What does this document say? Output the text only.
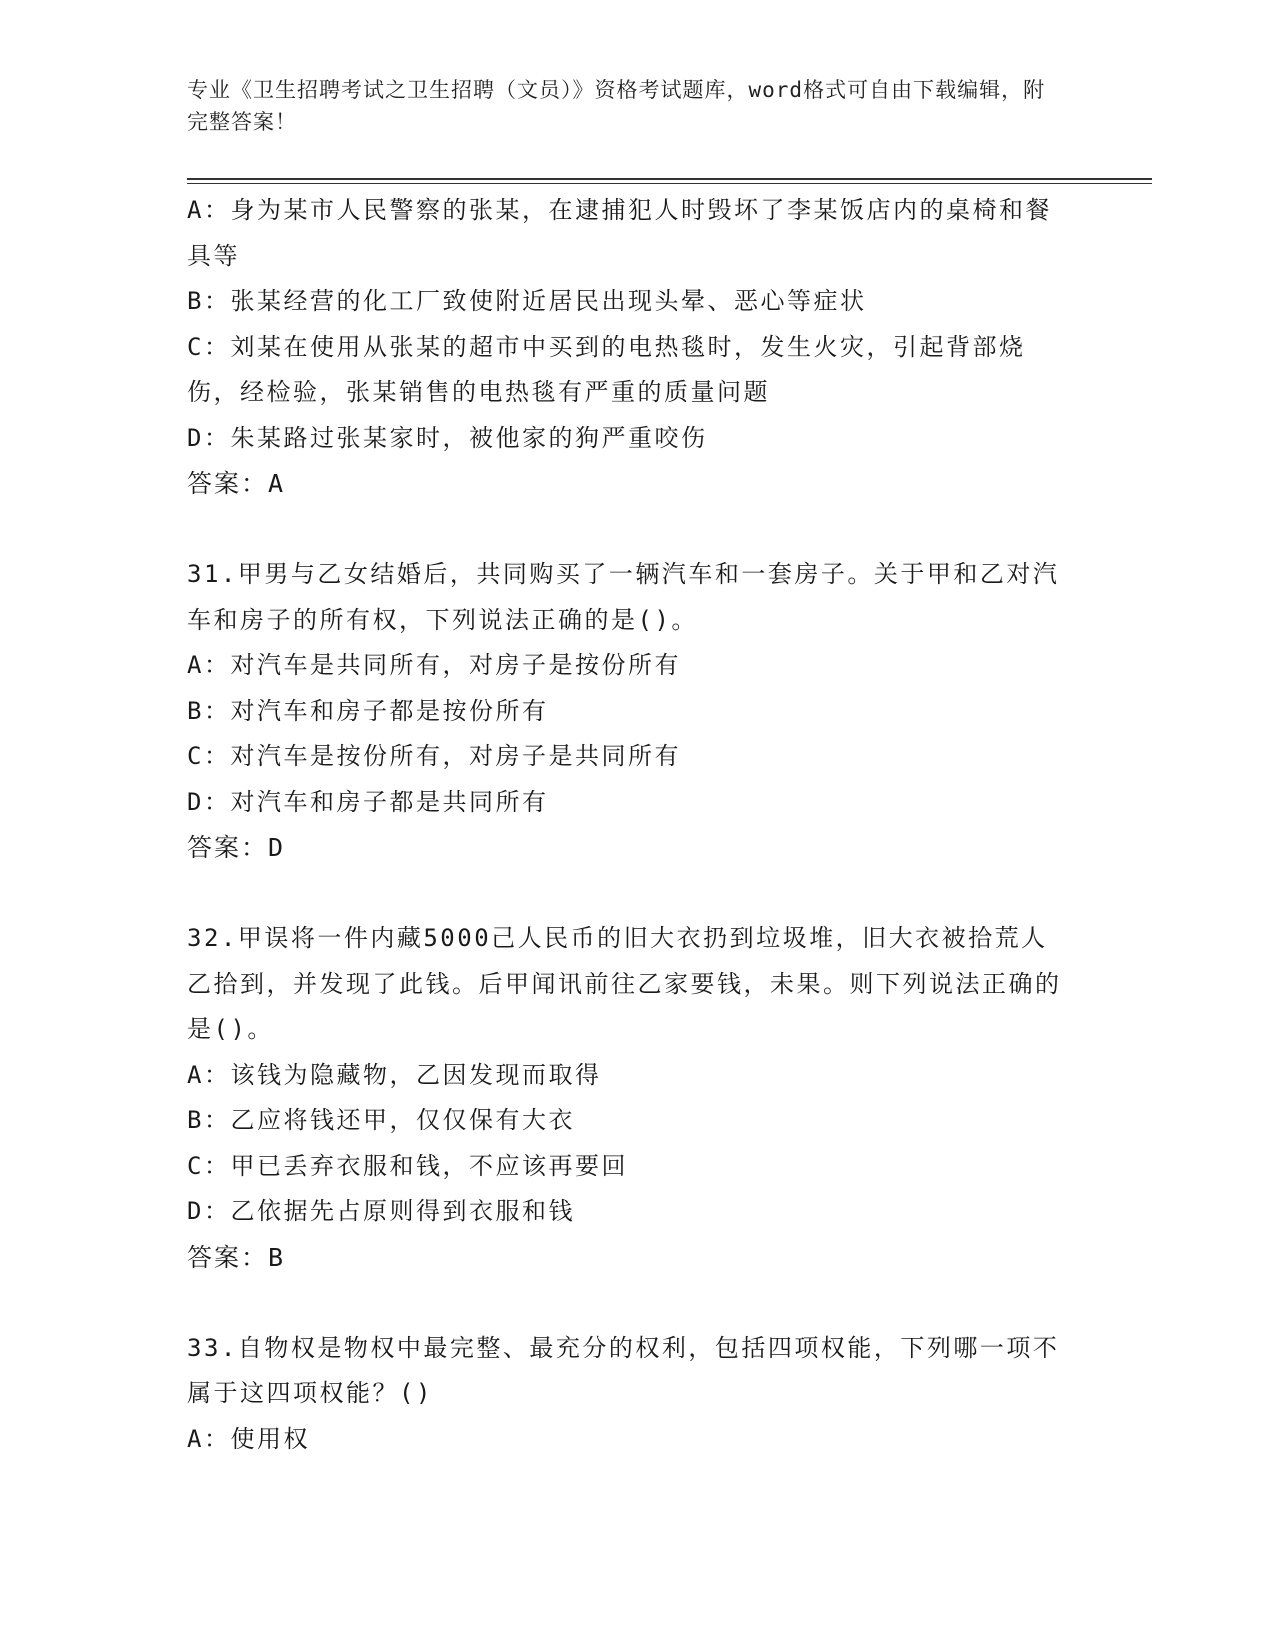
专业《卫生招聘考试之卫生招聘（文员）》资格考试题库，word格式可自由下载编辑，附完整答案！
A：身为某市人民警察的张某，在逮捕犯人时毁坏了李某饭店内的桌椅和餐具等
B：张某经营的化工厂致使附近居民出现头晕、恶心等症状
C：刘某在使用从张某的超市中买到的电热毯时，发生火灾，引起背部烧伤，经检验，张某销售的电热毯有严重的质量问题
D：朱某路过张某家时，被他家的狗严重咬伤
答案：A
31.甲男与乙女结婚后，共同购买了一辆汽车和一套房子。关于甲和乙对汽车和房子的所有权，下列说法正确的是()。
A：对汽车是共同所有，对房子是按份所有
B：对汽车和房子都是按份所有
C：对汽车是按份所有，对房子是共同所有
D：对汽车和房子都是共同所有
答案：D
32.甲误将一件内藏5000己人民币的旧大衣扔到垃圾堆，旧大衣被拾荒人乙拾到，并发现了此钱。后甲闻讯前往乙家要钱，未果。则下列说法正确的是()。
A：该钱为隐藏物，乙因发现而取得
B：乙应将钱还甲，仅仅保有大衣
C：甲已丢弃衣服和钱，不应该再要回
D：乙依据先占原则得到衣服和钱
答案：B
33.自物权是物权中最完整、最充分的权利，包括四项权能，下列哪一项不属于这四项权能？()
A：使用权
